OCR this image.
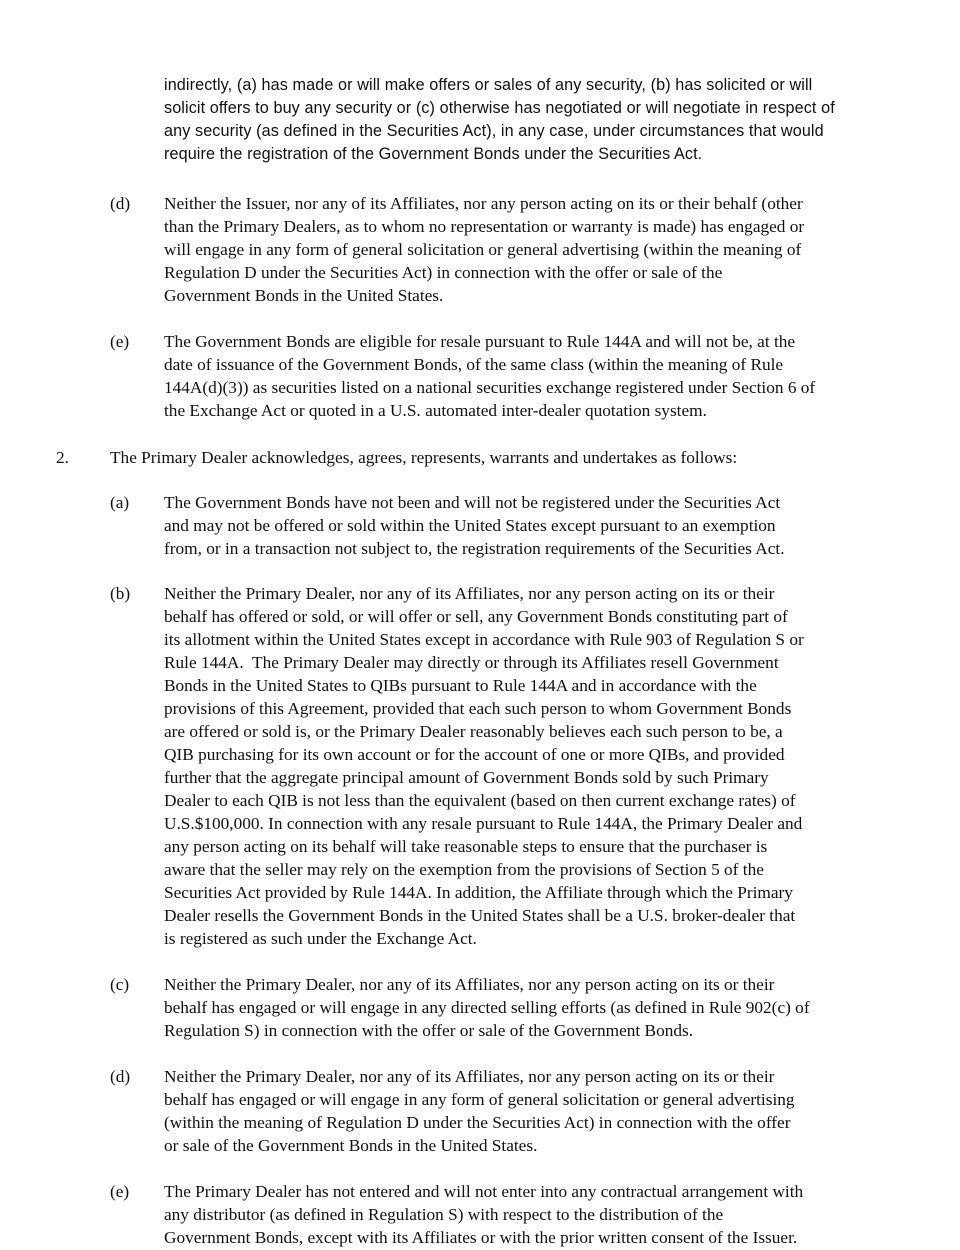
indirectly, (a) has made or will make offers or sales of any security, (b) has solicited or will
solicit offers to buy any security or (c) otherwise has negotiated or will negotiate in respect of
any security (as defined in the Securities Act), in any case, under circumstances that would
require the registration of the Government Bonds under the Securities Act.
(d) Neither the Issuer, nor any of its Affiliates, nor any person acting on its or their behalf (other
than the Primary Dealers, as to whom no representation or warranty is made) has engaged or
will engage in any form of general solicitation or general advertising (within the meaning of
Regulation D under the Securities Act) in connection with the offer or sale of the
Government Bonds in the United States.
(e) The Government Bonds are eligible for resale pursuant to Rule 144A and will not be, at the
date of issuance of the Government Bonds, of the same class (within the meaning of Rule
144A(d)(3)) as securities listed on a national securities exchange registered under Section 6 of
the Exchange Act or quoted in a U.S. automated inter-dealer quotation system.
2. The Primary Dealer acknowledges, agrees, represents, warrants and undertakes as follows:
(a) The Government Bonds have not been and will not be registered under the Securities Act
and may not be offered or sold within the United States except pursuant to an exemption
from, or in a transaction not subject to, the registration requirements of the Securities Act.
(b) Neither the Primary Dealer, nor any of its Affiliates, nor any person acting on its or their
behalf has offered or sold, or will offer or sell, any Government Bonds constituting part of
its allotment within the United States except in accordance with Rule 903 of Regulation S or
Rule 144A.  The Primary Dealer may directly or through its Affiliates resell Government
Bonds in the United States to QIBs pursuant to Rule 144A and in accordance with the
provisions of this Agreement, provided that each such person to whom Government Bonds
are offered or sold is, or the Primary Dealer reasonably believes each such person to be, a
QIB purchasing for its own account or for the account of one or more QIBs, and provided
further that the aggregate principal amount of Government Bonds sold by such Primary
Dealer to each QIB is not less than the equivalent (based on then current exchange rates) of
U.S.$100,000. In connection with any resale pursuant to Rule 144A, the Primary Dealer and
any person acting on its behalf will take reasonable steps to ensure that the purchaser is
aware that the seller may rely on the exemption from the provisions of Section 5 of the
Securities Act provided by Rule 144A. In addition, the Affiliate through which the Primary
Dealer resells the Government Bonds in the United States shall be a U.S. broker-dealer that
is registered as such under the Exchange Act.
(c) Neither the Primary Dealer, nor any of its Affiliates, nor any person acting on its or their
behalf has engaged or will engage in any directed selling efforts (as defined in Rule 902(c) of
Regulation S) in connection with the offer or sale of the Government Bonds.
(d) Neither the Primary Dealer, nor any of its Affiliates, nor any person acting on its or their
behalf has engaged or will engage in any form of general solicitation or general advertising
(within the meaning of Regulation D under the Securities Act) in connection with the offer
or sale of the Government Bonds in the United States.
(e) The Primary Dealer has not entered and will not enter into any contractual arrangement with
any distributor (as defined in Regulation S) with respect to the distribution of the
Government Bonds, except with its Affiliates or with the prior written consent of the Issuer.
